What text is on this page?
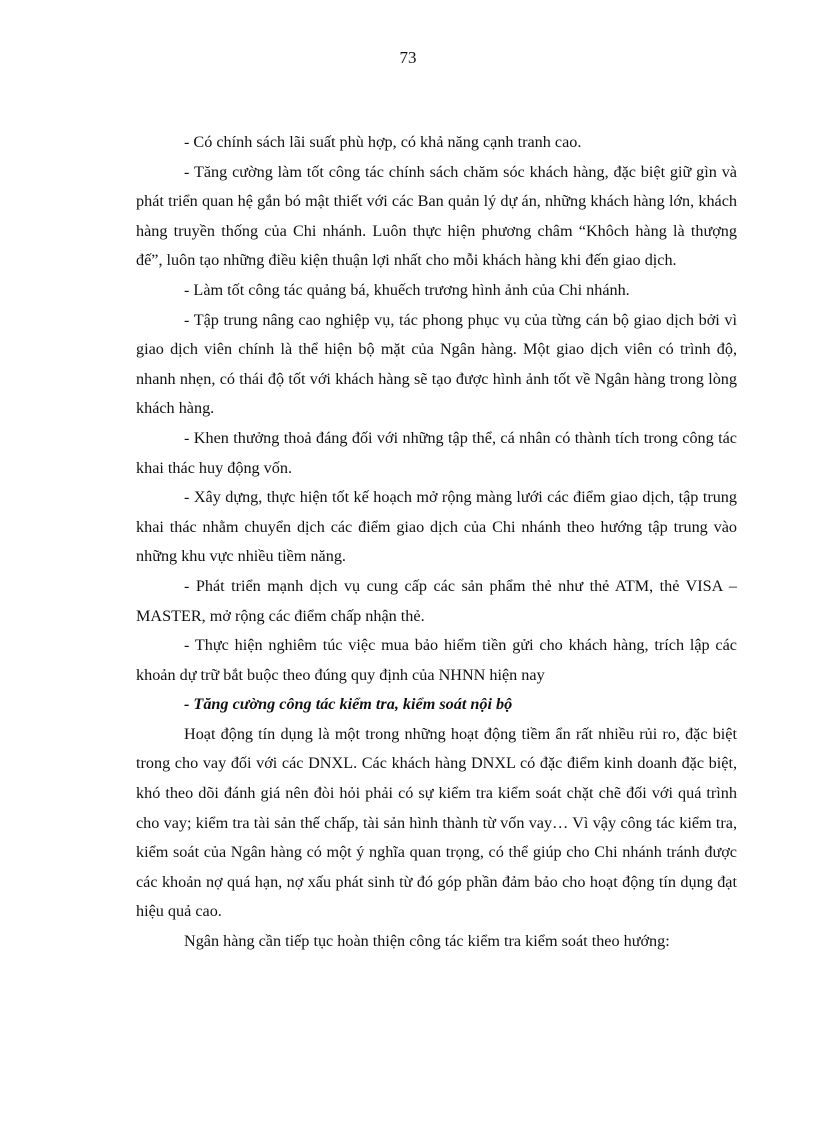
73

- Có chính sách lãi suất phù hợp, có khả năng cạnh tranh cao.

- Tăng cường làm tốt công tác chính sách chăm sóc khách hàng, đặc biệt giữ gìn và phát triển quan hệ gắn bó mật thiết với các Ban quản lý dự án, những khách hàng lớn, khách hàng truyền thống của Chi nhánh. Luôn thực hiện phương châm “Khôch hàng là thượng đế”, luôn tạo những điều kiện thuận lợi nhất cho mỗi khách hàng khi đến giao dịch.

- Làm tốt công tác quảng bá, khuếch trương hình ảnh của Chi nhánh.

- Tập trung nâng cao nghiệp vụ, tác phong phục vụ của từng cán bộ giao dịch bởi vì giao dịch viên chính là thể hiện bộ mặt của Ngân hàng. Một giao dịch viên có trình độ, nhanh nhẹn, có thái độ tốt với khách hàng sẽ tạo được hình ảnh tốt về Ngân hàng trong lòng khách hàng.

- Khen thưởng thoả đáng đối với những tập thể, cá nhân có thành tích trong công tác khai thác huy động vốn.

- Xây dựng, thực hiện tốt kế hoạch mở rộng màng lưới các điểm giao dịch, tập trung khai thác nhằm chuyển dịch các điểm giao dịch của Chi nhánh theo hướng tập trung vào những khu vực nhiều tiềm năng.

- Phát triển mạnh dịch vụ cung cấp các sản phẩm thẻ như thẻ ATM, thẻ VISA – MASTER, mở rộng các điểm chấp nhận thẻ.

- Thực hiện nghiêm túc việc mua bảo hiểm tiền gửi cho khách hàng, trích lập các khoản dự trữ bắt buộc theo đúng quy định của NHNN hiện nay

- Tăng cường công tác kiểm tra, kiểm soát nội bộ

Hoạt động tín dụng là một trong những hoạt động tiềm ẩn rất nhiều rủi ro, đặc biệt trong cho vay đối với các DNXL. Các khách hàng DNXL có đặc điểm kinh doanh đặc biệt, khó theo dõi đánh giá nên đòi hỏi phải có sự kiểm tra kiểm soát chặt chẽ đối với quá trình cho vay; kiểm tra tài sản thế chấp, tài sản hình thành từ vốn vay… Vì vậy công tác kiểm tra, kiểm soát của Ngân hàng có một ý nghĩa quan trọng, có thể giúp cho Chi nhánh tránh được các khoản nợ quá hạn, nợ xấu phát sinh từ đó góp phần đảm bảo cho hoạt động tín dụng đạt hiệu quả cao.

Ngân hàng cần tiếp tục hoàn thiện công tác kiểm tra kiểm soát theo hướng:
